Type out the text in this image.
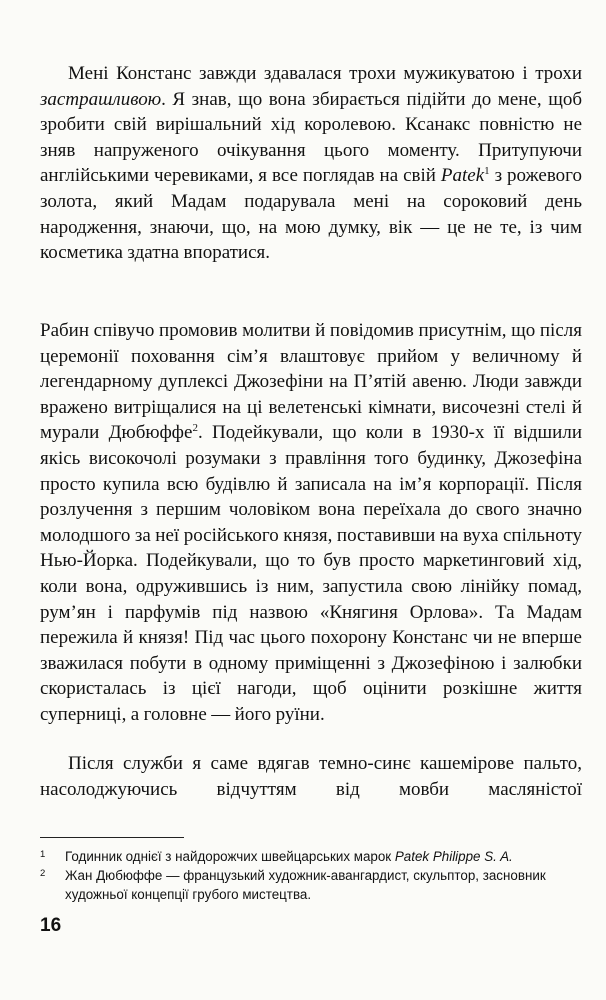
Мені Констанс завжди здавалася трохи мужикуватою і трохи застрашливою. Я знав, що вона збирається підійти до мене, щоб зробити свій вирішальний хід королевою. Ксанакс повністю не зняв напруженого очікування цього моменту. Притупуючи англійськими черевиками, я все поглядав на свій Patek$^1$ з рожевого золота, який Мадам подарувала мені на сороковий день народження, знаючи, що, на мою думку, вік — це не те, із чим косметика здатна впоратися.

Рабин співучо промовив молитви й повідомив присутнім, що після церемонії поховання сім’я влаштовує прийом у величному й легендарному дуплексі Джозефіни на П’ятій авеню. Люди завжди вражено витріщалися на ці велетенські кімнати, височезні стелі й мурали Дюбюффе$^2$. Подейкували, що коли в 1930-х її відшили якісь високочолі розумаки з правління того будинку, Джозефіна просто купила всю будівлю й записала на ім’я корпорації. Після розлучення з першим чоловіком вона переїхала до свого значно молодшого за неї російського князя, поставивши на вуха спільноту Нью-Йорка. Подейкували, що то був просто маркетинговий хід, коли вона, одружившись із ним, запустила свою лінійку помад, рум’ян і парфумів під назвою «Княгиня Орлова». Та Мадам пережила й князя! Під час цього похорону Констанс чи не вперше зважилася побути в одному приміщенні з Джозефіною і залюбки скористалась із цієї нагоди, щоб оцінити розкішне життя суперниці, а головне — його руїни.

Після служби я саме вдягав темно-синє кашемірове пальто, насолоджуючись відчуттям від мовби масляністої

1 Годинник однієї з найдорожчих швейцарських марок Patek Philippe S. A.
2 Жан Дюбюффе — французький художник-авангардист, скульптор, засновник художньої концепції грубого мистецтва.
16
